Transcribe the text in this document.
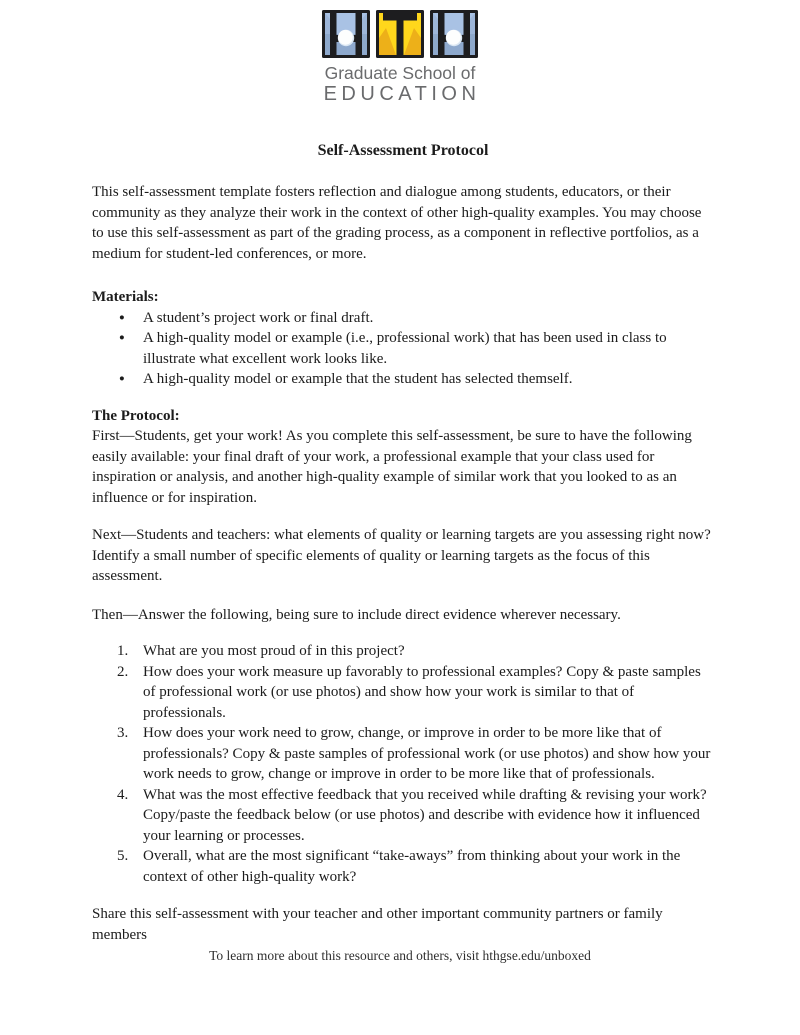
Graduate School of
EDUCATION
Self-Assessment Protocol

This self-assessment template fosters reflection and dialogue among students, educators, or their community as they analyze their work in the context of other high-quality examples. You may choose to use this self-assessment as part of the grading process, as a component in reflective portfolios, as a medium for student-led conferences, or more.

Materials:

● A student’s project work or final draft.
● A high-quality model or example (i.e., professional work) that has been used in class to illustrate what excellent work looks like.
● A high-quality model or example that the student has selected themself.

The Protocol:

First—Students, get your work! As you complete this self-assessment, be sure to have the following easily available: your final draft of your work, a professional example that your class used for inspiration or analysis, and another high-quality example of similar work that you looked to as an influence or for inspiration.

Next—Students and teachers: what elements of quality or learning targets are you assessing right now? Identify a small number of specific elements of quality or learning targets as the focus of this assessment.

Then—Answer the following, being sure to include direct evidence wherever necessary.

What are you most proud of in this project?
How does your work measure up favorably to professional examples? Copy & paste samples of professional work (or use photos) and show how your work is similar to that of professionals.
How does your work need to grow, change, or improve in order to be more like that of professionals? Copy & paste samples of professional work (or use photos) and show how your work needs to grow, change or improve in order to be more like that of professionals.
What was the most effective feedback that you received while drafting & revising your work? Copy/paste the feedback below (or use photos) and describe with evidence how it influenced your learning or processes.
Overall, what are the most significant “take-aways” from thinking about your work in the context of other high-quality work?

Share this self-assessment with your teacher and other important community partners or family members

To learn more about this resource and others, visit hthgse.edu/unboxed
